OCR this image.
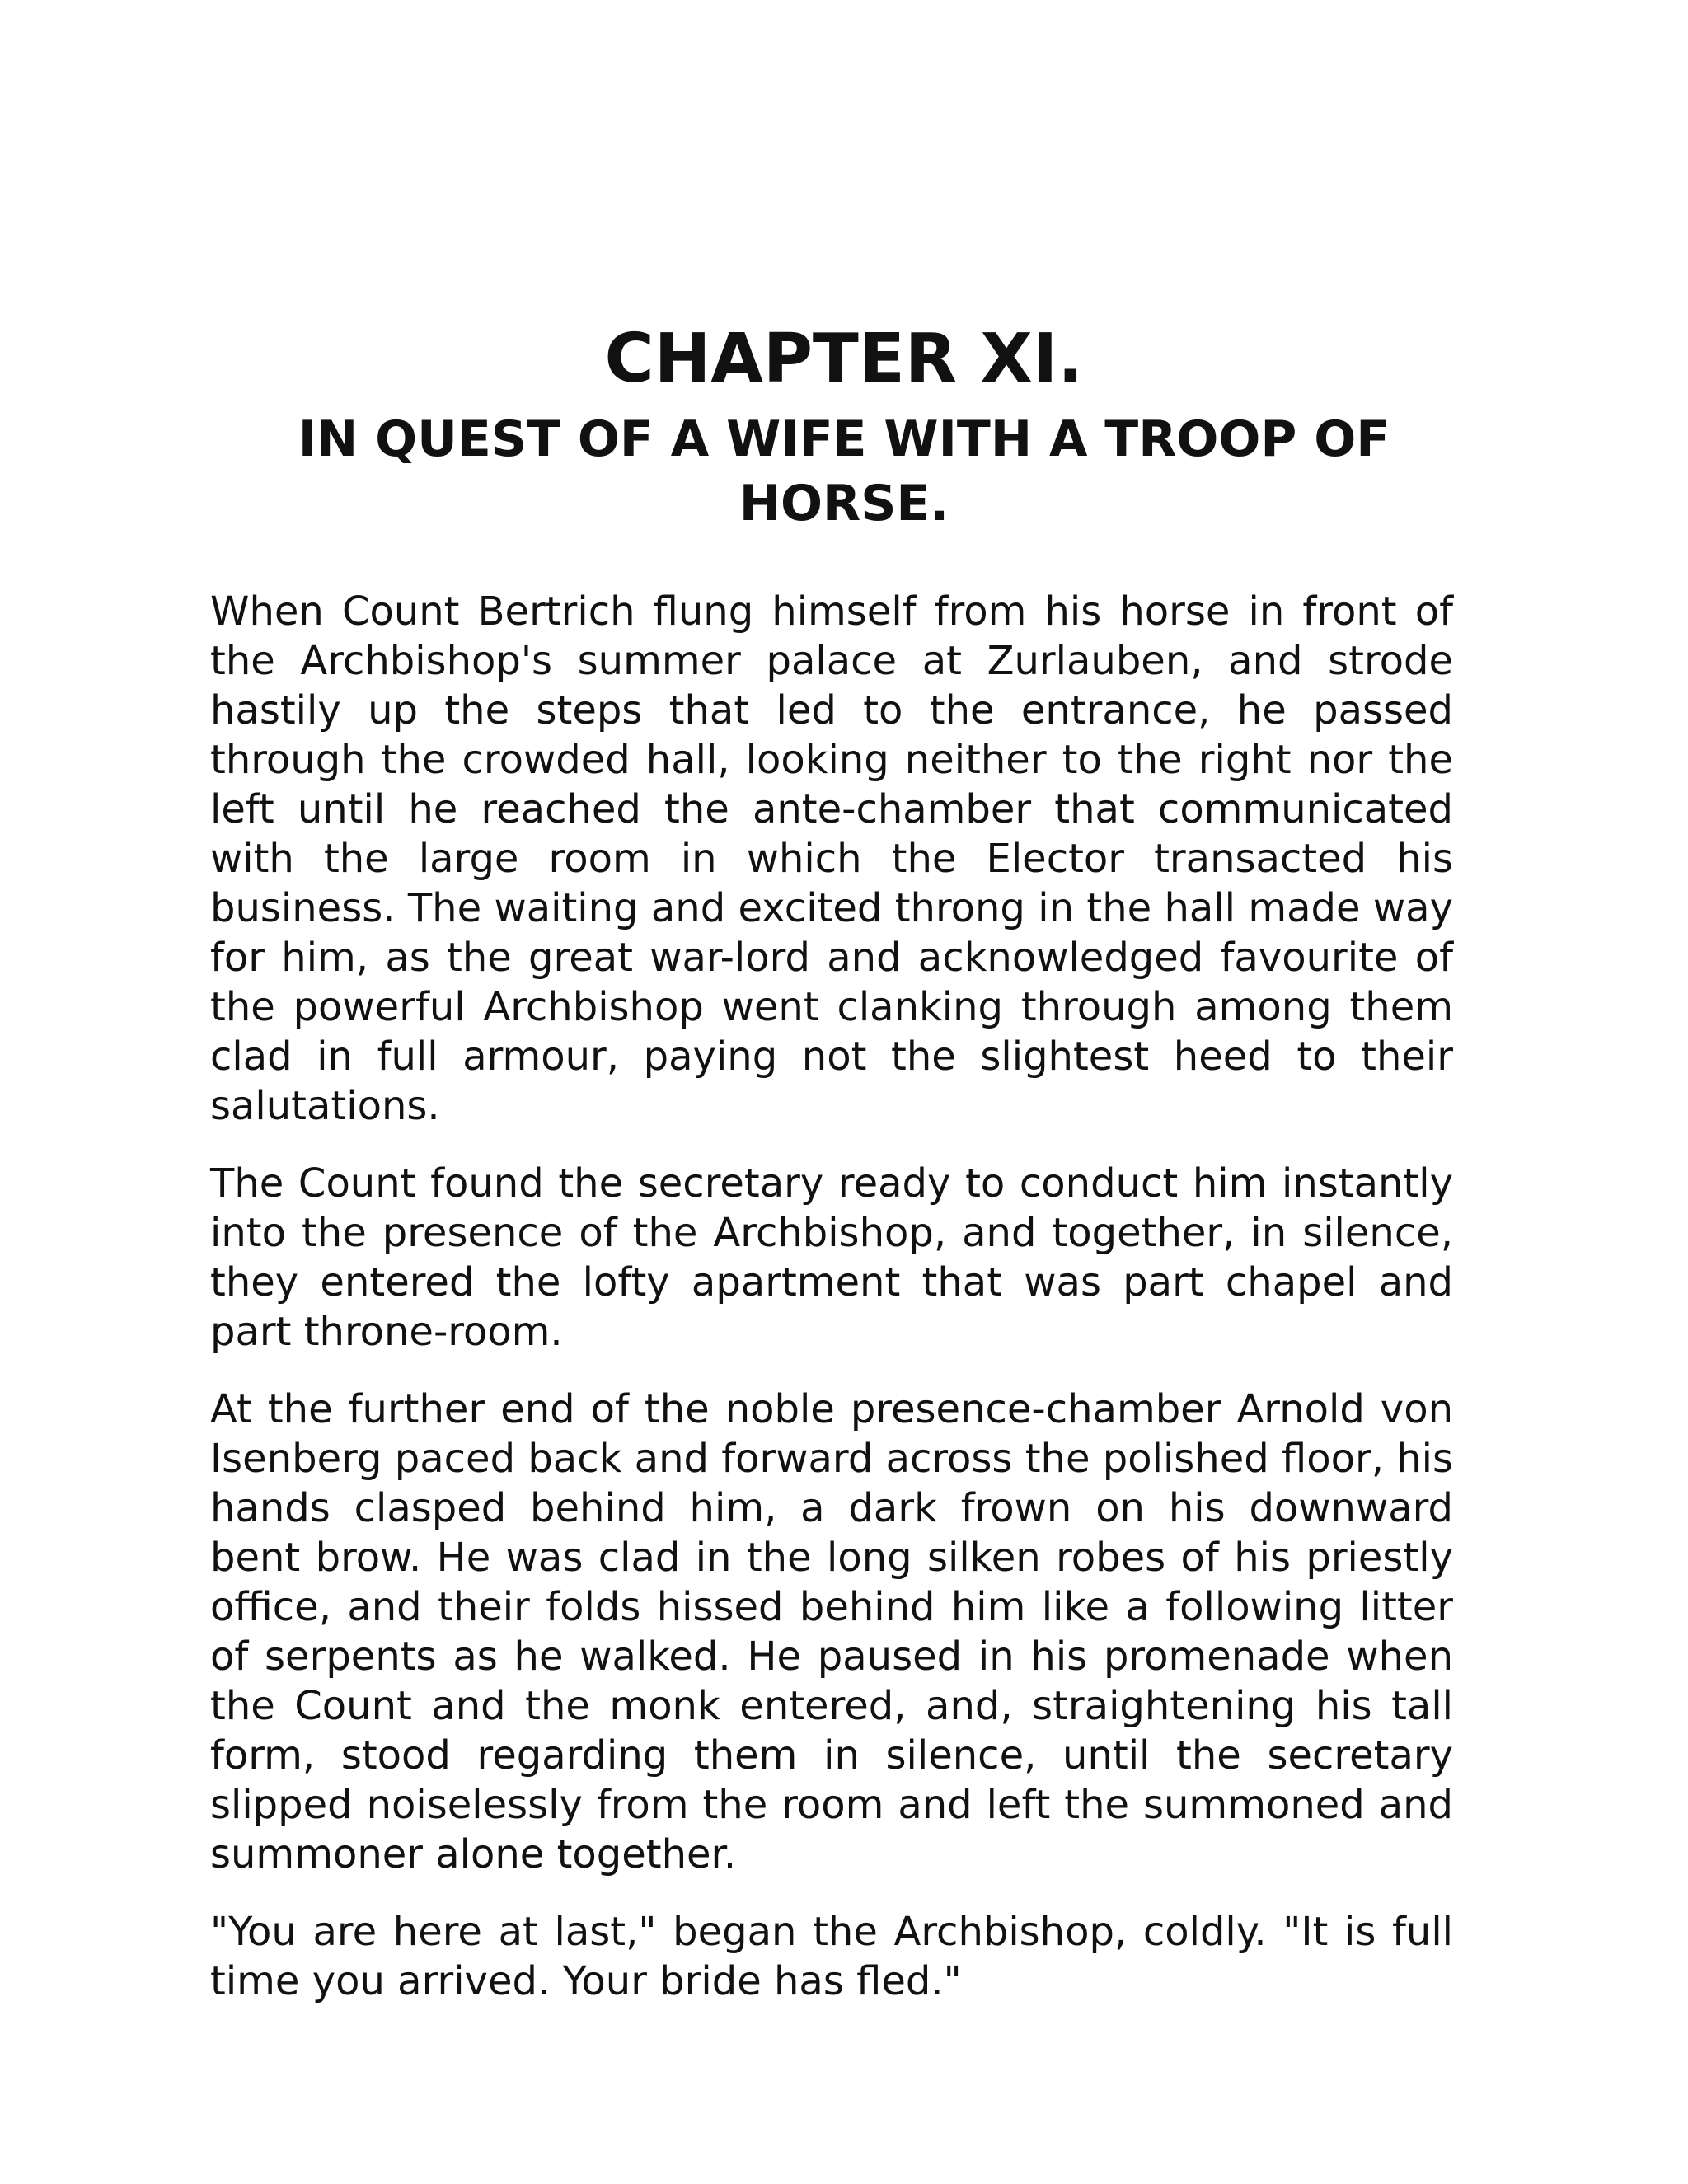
CHAPTER XI.
IN QUEST OF A WIFE WITH A TROOP OF HORSE.

When Count Bertrich flung himself from his horse in front of the Archbishop's summer palace at Zurlauben, and strode hastily up the steps that led to the entrance, he passed through the crowded hall, looking neither to the right nor the left until he reached the ante-chamber that communicated with the large room in which the Elector transacted his business. The waiting and excited throng in the hall made way for him, as the great war-lord and acknowledged favourite of the powerful Archbishop went clanking through among them clad in full armour, paying not the slightest heed to their salutations.

The Count found the secretary ready to conduct him instantly into the presence of the Archbishop, and together, in silence, they entered the lofty apartment that was part chapel and part throne-room.

At the further end of the noble presence-chamber Arnold von Isenberg paced back and forward across the polished floor, his hands clasped behind him, a dark frown on his downward bent brow. He was clad in the long silken robes of his priestly office, and their folds hissed behind him like a following litter of serpents as he walked. He paused in his promenade when the Count and the monk entered, and, straightening his tall form, stood regarding them in silence, until the secretary slipped noiselessly from the room and left the summoned and summoner alone together.

"You are here at last," began the Archbishop, coldly. "It is full time you arrived. Your bride has fled."
